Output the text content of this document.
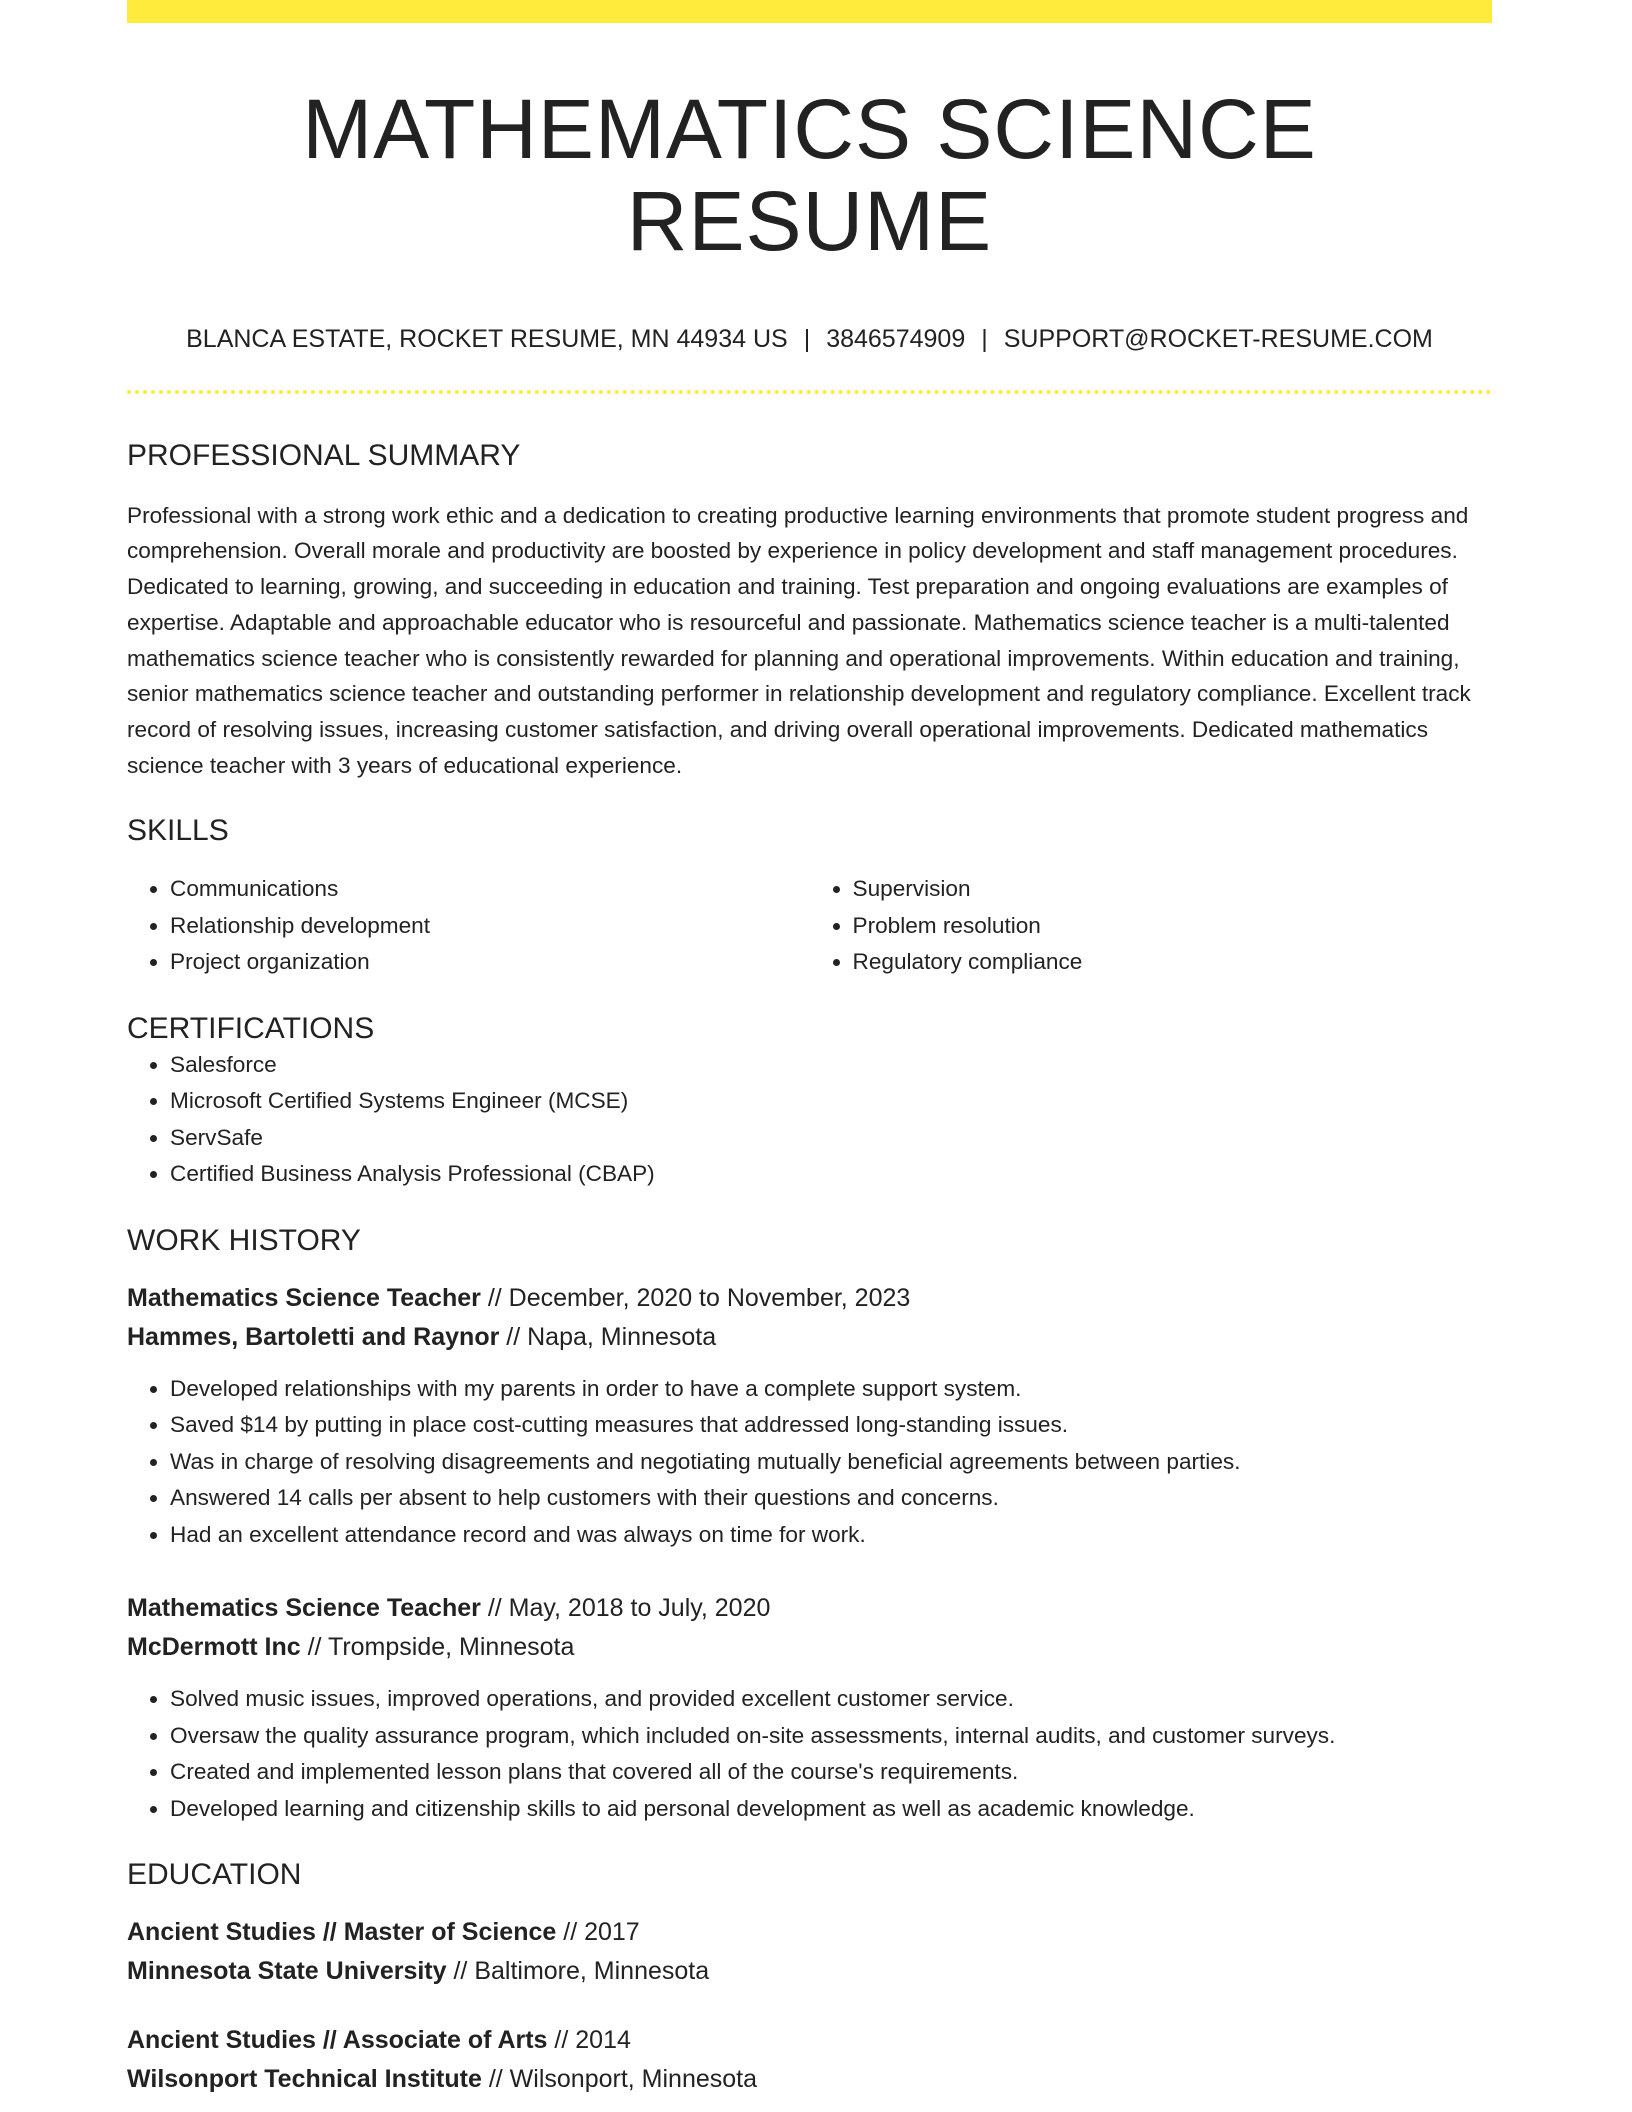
MATHEMATICS SCIENCE RESUME
BLANCA ESTATE, ROCKET RESUME, MN 44934 US | 3846574909 | SUPPORT@ROCKET-RESUME.COM
PROFESSIONAL SUMMARY

Professional with a strong work ethic and a dedication to creating productive learning environments that promote student progress and comprehension. Overall morale and productivity are boosted by experience in policy development and staff management procedures. Dedicated to learning, growing, and succeeding in education and training. Test preparation and ongoing evaluations are examples of expertise. Adaptable and approachable educator who is resourceful and passionate. Mathematics science teacher is a multi-talented mathematics science teacher who is consistently rewarded for planning and operational improvements. Within education and training, senior mathematics science teacher and outstanding performer in relationship development and regulatory compliance. Excellent track record of resolving issues, increasing customer satisfaction, and driving overall operational improvements. Dedicated mathematics science teacher with 3 years of educational experience.

SKILLS
• Communications
• Relationship development
• Project organization
• Supervision
• Problem resolution
• Regulatory compliance
CERTIFICATIONS
• Salesforce
• Microsoft Certified Systems Engineer (MCSE)
• ServSafe
• Certified Business Analysis Professional (CBAP)
WORK HISTORY
Mathematics Science Teacher // December, 2020 to November, 2023
Hammes, Bartoletti and Raynor // Napa, Minnesota
• Developed relationships with my parents in order to have a complete support system.
• Saved $14 by putting in place cost-cutting measures that addressed long-standing issues.
• Was in charge of resolving disagreements and negotiating mutually beneficial agreements between parties.
• Answered 14 calls per absent to help customers with their questions and concerns.
• Had an excellent attendance record and was always on time for work.
Mathematics Science Teacher // May, 2018 to July, 2020
McDermott Inc // Trompside, Minnesota
• Solved music issues, improved operations, and provided excellent customer service.
• Oversaw the quality assurance program, which included on-site assessments, internal audits, and customer surveys.
• Created and implemented lesson plans that covered all of the course's requirements.
• Developed learning and citizenship skills to aid personal development as well as academic knowledge.
EDUCATION
Ancient Studies // Master of Science // 2017
Minnesota State University // Baltimore, Minnesota
Ancient Studies // Associate of Arts // 2014
Wilsonport Technical Institute // Wilsonport, Minnesota
